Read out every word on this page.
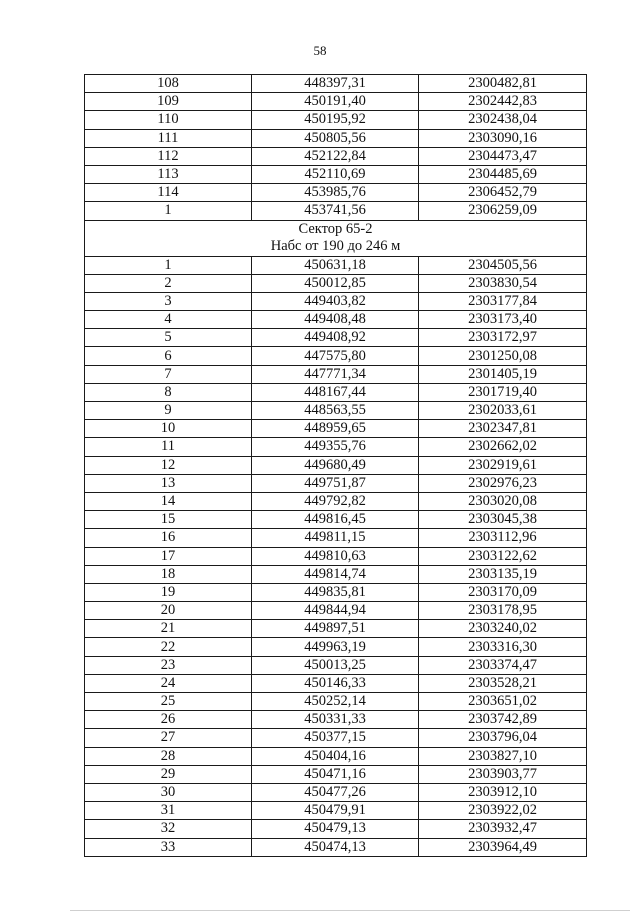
58
108	448397,31	2300482,81
109	450191,40	2302442,83
110	450195,92	2302438,04
111	450805,56	2303090,16
112	452122,84	2304473,47
113	452110,69	2304485,69
114	453985,76	2306452,79
1	453741,56	2306259,09

Сектор 65-2
Набс от 190 до 246 м		

1	450631,18	2304505,56
2	450012,85	2303830,54
3	449403,82	2303177,84
4	449408,48	2303173,40
5	449408,92	2303172,97
6	447575,80	2301250,08
7	447771,34	2301405,19
8	448167,44	2301719,40
9	448563,55	2302033,61
10	448959,65	2302347,81
11	449355,76	2302662,02
12	449680,49	2302919,61
13	449751,87	2302976,23
14	449792,82	2303020,08
15	449816,45	2303045,38
16	449811,15	2303112,96
17	449810,63	2303122,62
18	449814,74	2303135,19
19	449835,81	2303170,09
20	449844,94	2303178,95
21	449897,51	2303240,02
22	449963,19	2303316,30
23	450013,25	2303374,47
24	450146,33	2303528,21
25	450252,14	2303651,02
26	450331,33	2303742,89
27	450377,15	2303796,04
28	450404,16	2303827,10
29	450471,16	2303903,77
30	450477,26	2303912,10
31	450479,91	2303922,02
32	450479,13	2303932,47
33	450474,13	2303964,49
